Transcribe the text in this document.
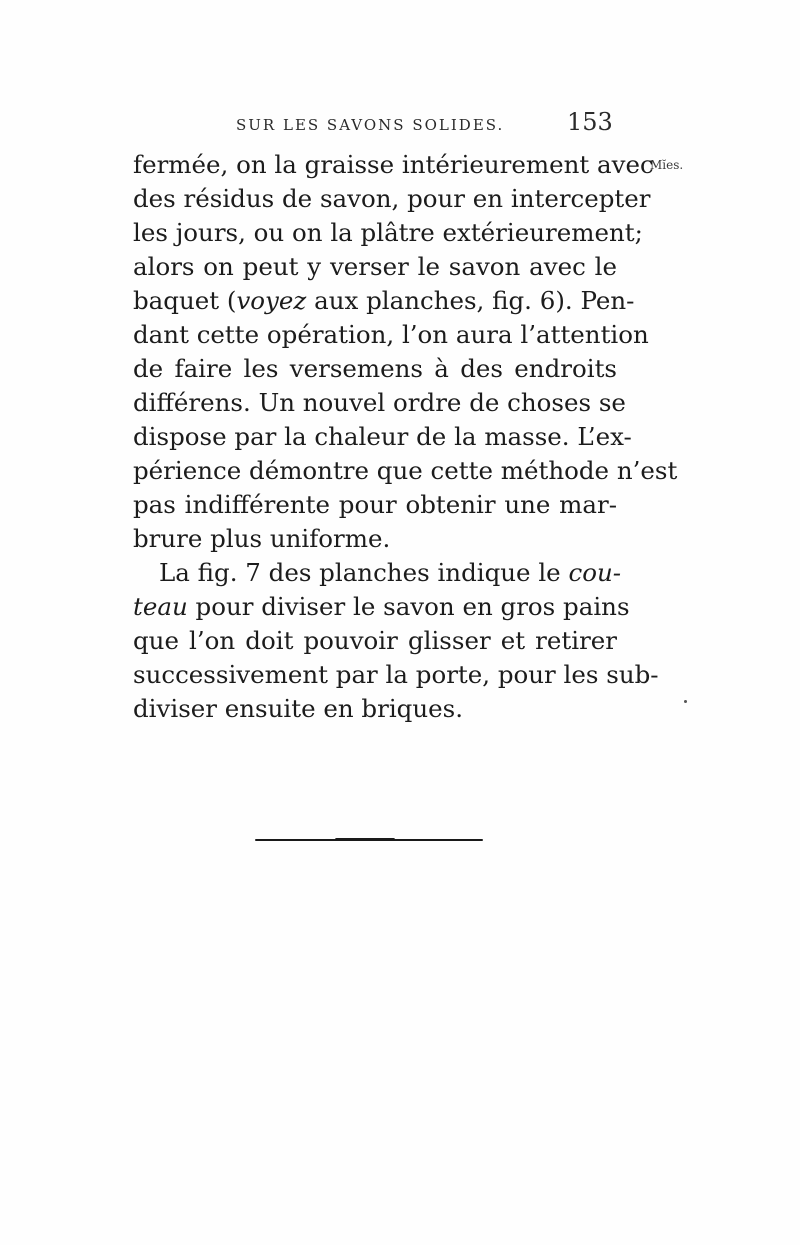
SUR LES SAVONS SOLIDES.	153
Mĭes.
fermée, on la graisse intérieurement avec
des résidus de savon, pour en intercepter
les jours, ou on la plâtre extérieurement;
alors on peut y verser le savon avec le
baquet (voyez aux planches, fig. 6). Pen-
dant cette opération, l’on aura l’attention
de faire les versemens à des endroits
différens. Un nouvel ordre de choses se
dispose par la chaleur de la masse. L’ex-
périence démontre que cette méthode n’est
pas indifférente pour obtenir une mar-
brure plus uniforme.
La fig. 7 des planches indique le cou-
teau pour diviser le savon en gros pains
que l’on doit pouvoir glisser et retirer
successivement par la porte, pour les sub-
diviser ensuite en briques.
